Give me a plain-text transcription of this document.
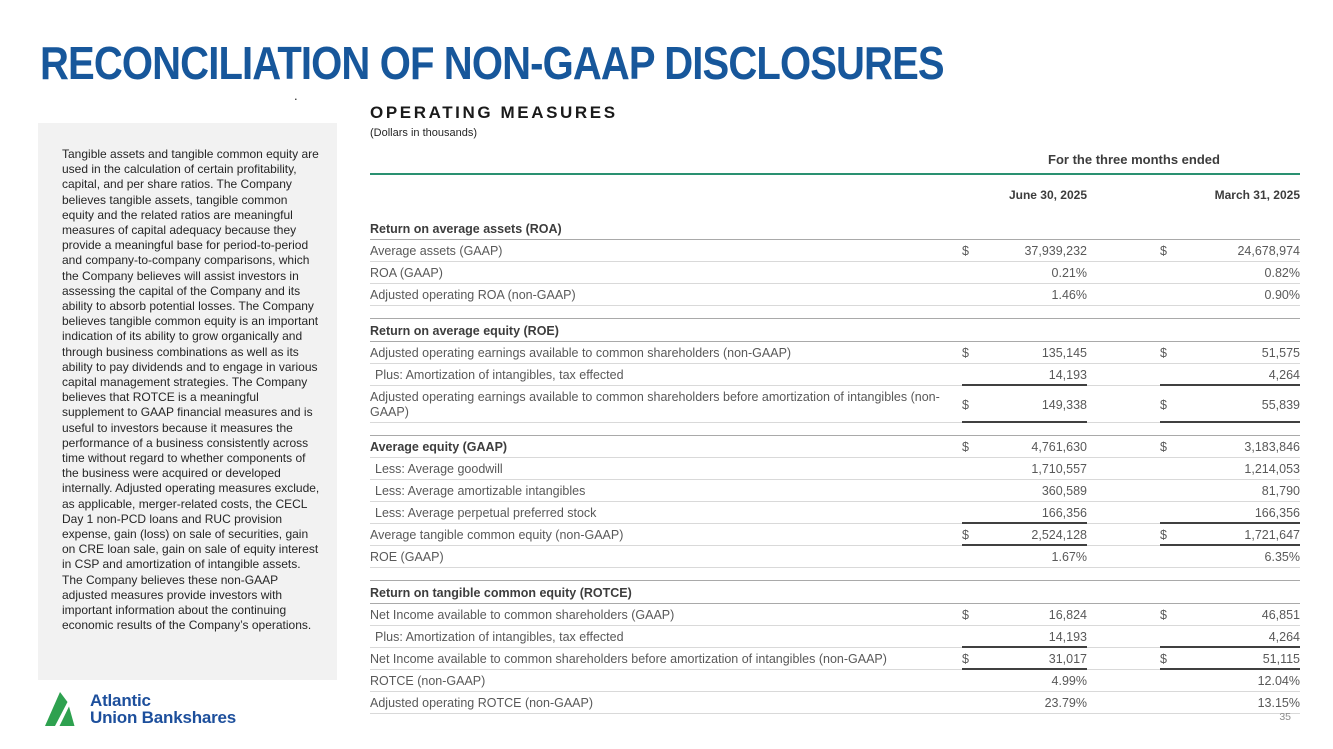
RECONCILIATION OF NON-GAAP DISCLOSURES
.
Tangible assets and tangible common equity are used in the calculation of certain profitability, capital, and per share ratios. The Company believes tangible assets, tangible common equity and the related ratios are meaningful measures of capital adequacy because they provide a meaningful base for period-to-period and company-to-company comparisons, which the Company believes will assist investors in assessing the capital of the Company and its ability to absorb potential losses. The Company believes tangible common equity is an important indication of its ability to grow organically and through business combinations as well as its ability to pay dividends and to engage in various capital management strategies. The Company believes that ROTCE is a meaningful supplement to GAAP financial measures and is useful to investors because it measures the performance of a business consistently across time without regard to whether components of the business were acquired or developed internally. Adjusted operating measures exclude, as applicable, merger-related costs, the CECL Day 1 non-PCD loans and RUC provision expense, gain (loss) on sale of securities, gain on CRE loan sale, gain on sale of equity interest in CSP and amortization of intangible assets. The Company believes these non-GAAP adjusted measures provide investors with important information about the continuing economic results of the Company’s operations.
OPERATING MEASURES
(Dollars in thousands)
For the three months ended
June 30, 2025	March 31, 2025
Return on average assets (ROA)
Average assets (GAAP)	$	37,939,232	$	24,678,974
ROA (GAAP)	0.21%	0.82%
Adjusted operating ROA (non-GAAP)	1.46%	0.90%
Return on average equity (ROE)
Adjusted operating earnings available to common shareholders (non-GAAP)	$	135,145	$	51,575
Plus: Amortization of intangibles, tax effected	14,193	4,264
Adjusted operating earnings available to common shareholders before amortization of intangibles (non-GAAP)	$	149,338	$	55,839
Average equity (GAAP)	$	4,761,630	$	3,183,846
Less: Average goodwill	1,710,557	1,214,053
Less: Average amortizable intangibles	360,589	81,790
Less: Average perpetual preferred stock	166,356	166,356
Average tangible common equity (non-GAAP)	$	2,524,128	$	1,721,647
ROE (GAAP)	1.67%	6.35%
Return on tangible common equity (ROTCE)
Net Income available to common shareholders (GAAP)	$	16,824	$	46,851
Plus: Amortization of intangibles, tax effected	14,193	4,264
Net Income available to common shareholders before amortization of intangibles (non-GAAP)	$	31,017	$	51,115
ROTCE (non-GAAP)	4.99%	12.04%
Adjusted operating ROTCE (non-GAAP)	23.79%	13.15%
Atlantic
Union Bankshares	35
